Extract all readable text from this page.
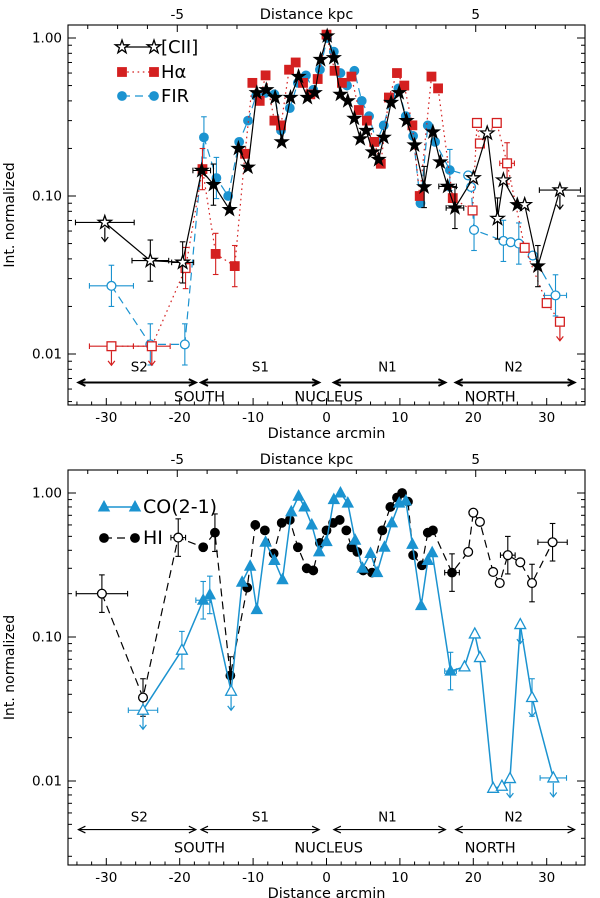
-30	-20	-10	0	10	20	30
Distance arcmin
1.00
0.10
0.01
Int. normalized
-5	5
Distance kpc
[CII]
Hα
FIR
S2	S1	N1	N2
SOUTH	NUCLEUS	NORTH
-30	-20	-10	0	10	20	30
Distance arcmin
1.00
0.10
0.01
Int. normalized
-5	5
Distance kpc
CO(2-1)
HI
S2	S1	N1	N2
SOUTH	NUCLEUS	NORTH
